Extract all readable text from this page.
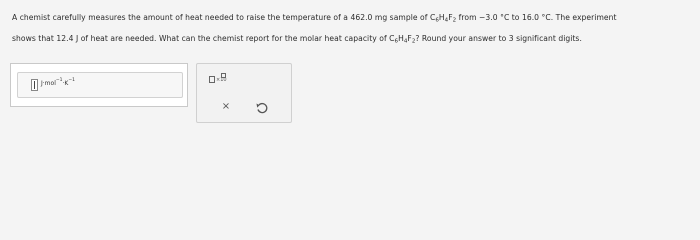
A chemist carefully measures the amount of heat needed to raise the temperature of a 462.0 mg sample of $C_6H_4F_2$ from −3.0 °C to 16.0 °C. The experiment
shows that 12.4 J of heat are needed. What can the chemist report for the molar heat capacity of $C_6H_4F_2$? Round your answer to 3 significant digits.
$J\cdot mol^{-1}\cdot K^{-1}$	×10
×
